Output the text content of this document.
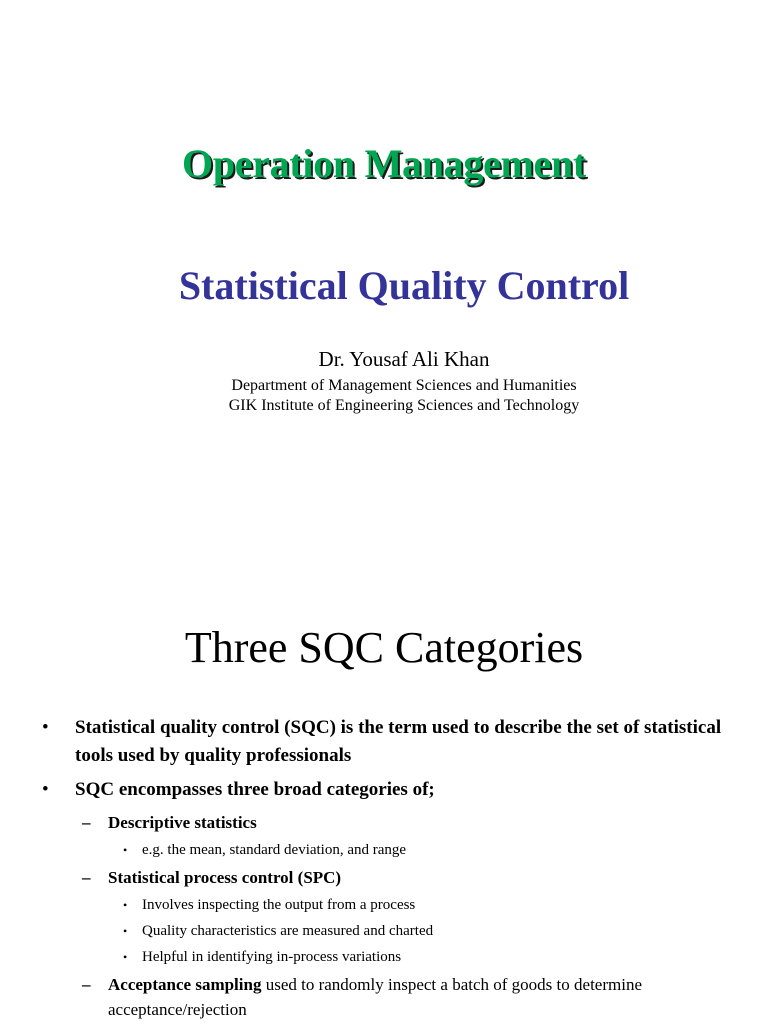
Operation Management
Statistical Quality Control

Dr. Yousaf Ali Khan

Department of Management Sciences and Humanities

GIK Institute of Engineering Sciences and Technology

Three SQC Categories
• Statistical quality control (SQC) is the term used to describe the set of statistical tools used by quality professionals
• SQC encompasses three broad categories of;
– Descriptive statistics
• e.g. the mean, standard deviation, and range
– Statistical process control (SPC)
• Involves inspecting the output from a process
• Quality characteristics are measured and charted
• Helpful in identifying in-process variations
– Acceptance sampling used to randomly inspect a batch of goods to determine acceptance/rejection
